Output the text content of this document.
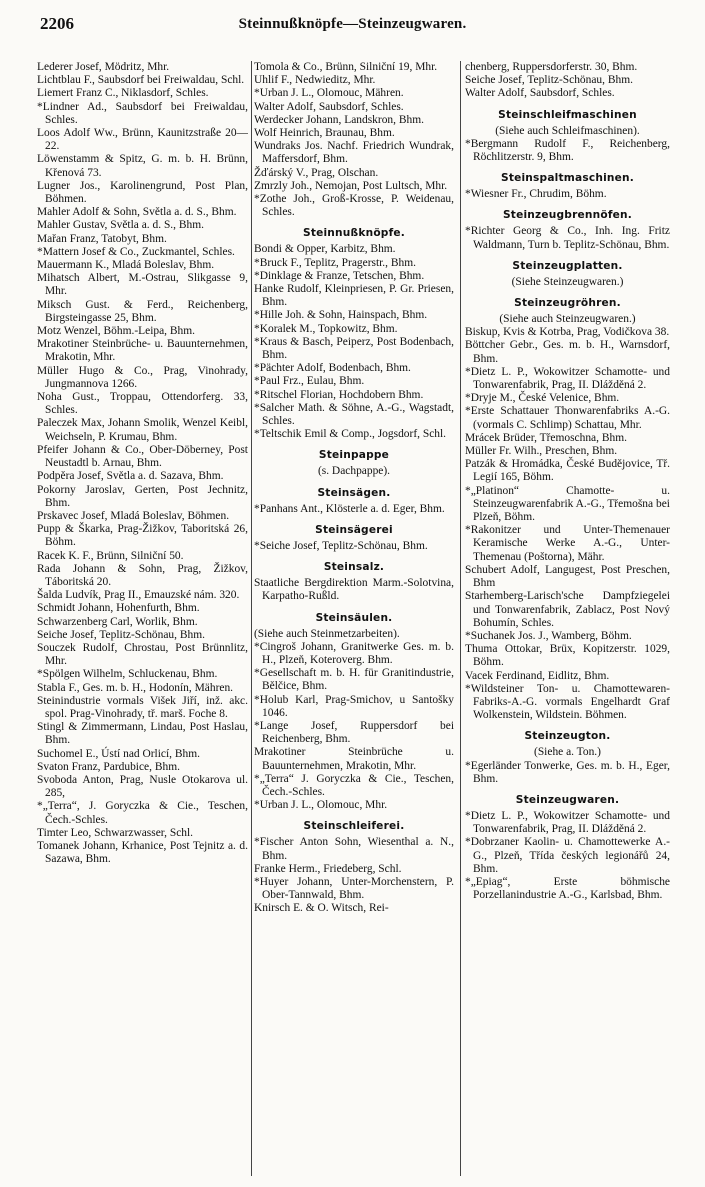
2206	Steinnußknöpfe—Steinzeugwaren.
Lederer Josef, Mödritz, Mhr.
Lichtblau F., Saubsdorf bei Freiwaldau, Schl.
Liemert Franz C., Niklasdorf, Schles.
*Lindner Ad., Saubsdorf bei Freiwaldau, Schles.
Loos Adolf Ww., Brünn, Kaunitzstraße 20—22.
Löwenstamm & Spitz, G. m. b. H. Brünn, Křenová 73.
Lugner Jos., Karolinengrund, Post Plan, Böhmen.
Mahler Adolf & Sohn, Světla a. d. S., Bhm.
Mahler Gustav, Světla a. d. S., Bhm.
Mařan Franz, Tatobyt, Bhm.
*Mattern Josef & Co., Zuckmantel, Schles.
Mauermann K., Mladá Boleslav, Bhm.
Mihatsch Albert, M.-Ostrau, Slikgasse 9, Mhr.
Miksch Gust. & Ferd., Reichenberg, Birgsteingasse 25, Bhm.
Motz Wenzel, Böhm.-Leipa, Bhm.
Mrakotiner Steinbrüche- u. Bauunternehmen, Mrakotin, Mhr.
Müller Hugo & Co., Prag, Vinohrady, Jungmannova 1266.
Noha Gust., Troppau, Ottendorferg. 33, Schles.
Paleczek Max, Johann Smolik, Wenzel Keibl, Weichseln, P. Krumau, Bhm.
Pfeifer Johann & Co., Ober-Döberney, Post Neustadtl b. Arnau, Bhm.
Podpěra Josef, Světla a. d. Sazava, Bhm.
Pokorny Jaroslav, Gerten, Post Jechnitz, Bhm.
Prskavec Josef, Mladá Boleslav, Böhmen.
Pupp & Škarka, Prag-Žižkov, Taboritská 26, Böhm.
Racek K. F., Brünn, Silniční 50.
Rada Johann & Sohn, Prag, Žižkov, Táboritská 20.
Šalda Ludvík, Prag II., Emauzské nám. 320.
Schmidt Johann, Hohenfurth, Bhm.
Schwarzenberg Carl, Worlik, Bhm.
Seiche Josef, Teplitz-Schönau, Bhm.
Souczek Rudolf, Chrostau, Post Brünnlitz, Mhr.
*Spölgen Wilhelm, Schluckenau, Bhm.
Stabla F., Ges. m. b. H., Hodonín, Mähren.
Steinindustrie vormals Višek Jiří, inž. akc. spol. Prag-Vinohrady, tř. marš. Foche 8.
Stingl & Zimmermann, Lindau, Post Haslau, Bhm.
Suchomel E., Ústí nad Orlicí, Bhm.
Svaton Franz, Pardubice, Bhm.
Svoboda Anton, Prag, Nusle Otokarova ul. 285,
*„Terra“, J. Goryczka & Cie., Teschen, Čech.-Schles.
Timter Leo, Schwarzwasser, Schl.
Tomanek Johann, Krhanice, Post Tejnitz a. d. Sazawa, Bhm.
Tomola & Co., Brünn, Silniční 19, Mhr.
Uhlif F., Nedwieditz, Mhr.
*Urban J. L., Olomouc, Mähren.
Walter Adolf, Saubsdorf, Schles.
Werdecker Johann, Landskron, Bhm.
Wolf Heinrich, Braunau, Bhm.
Wundraks Jos. Nachf. Friedrich Wundrak, Maffersdorf, Bhm.
Žďárský V., Prag, Olschan.
Zmrzly Joh., Nemojan, Post Lultsch, Mhr.
*Zothe Joh., Groß-Krosse, P. Weidenau, Schles.
Steinnußknöpfe.
Bondi & Opper, Karbitz, Bhm.
*Bruck F., Teplitz, Pragerstr., Bhm.
*Dinklage & Franze, Tetschen, Bhm.
Hanke Rudolf, Kleinpriesen, P. Gr. Priesen, Bhm.
*Hille Joh. & Sohn, Hainspach, Bhm.
*Koralek M., Topkowitz, Bhm.
*Kraus & Basch, Peiperz, Post Bodenbach, Bhm.
*Pächter Adolf, Bodenbach, Bhm.
*Paul Frz., Eulau, Bhm.
*Ritschel Florian, Hochdobern Bhm.
*Salcher Math. & Söhne, A.-G., Wagstadt, Schles.
*Teltschik Emil & Comp., Jogsdorf, Schl.
Steinpappe
(s. Dachpappe).
Steinsägen.
*Panhans Ant., Klösterle a. d. Eger, Bhm.
Steinsägerei
*Seiche Josef, Teplitz-Schönau, Bhm.
Steinsalz.
Staatliche Bergdirektion Marm.-Solotvina, Karpatho-Rußld.
Steinsäulen.
(Siehe auch Steinmetzarbeiten).
*Cingroš Johann, Granitwerke Ges. m. b. H., Plzeň, Koteroverg. Bhm.
*Gesellschaft m. b. H. für Granitindustrie, Bělčice, Bhm.
*Holub Karl, Prag-Smichov, u Santošky 1046.
*Lange Josef, Ruppersdorf bei Reichenberg, Bhm.
Mrakotiner Steinbrüche u. Bauunternehmen, Mrakotin, Mhr.
*„Terra“ J. Goryczka & Cie., Teschen, Čech.-Schles.
*Urban J. L., Olomouc, Mhr.
Steinschleiferei.
*Fischer Anton Sohn, Wiesenthal a. N., Bhm.
Franke Herm., Friedeberg, Schl.
*Huyer Johann, Unter-Morchenstern, P. Ober-Tannwald, Bhm.
Knirsch E. & O. Witsch, Rei-
chenberg, Ruppersdorferstr. 30, Bhm.
Seiche Josef, Teplitz-Schönau, Bhm.
Walter Adolf, Saubsdorf, Schles.
Steinschleifmaschinen
(Siehe auch Schleifmaschinen).
*Bergmann Rudolf F., Reichenberg, Röchlitzerstr. 9, Bhm.
Steinspaltmaschinen.
*Wiesner Fr., Chrudim, Böhm.
Steinzeugbrennöfen.
*Richter Georg & Co., Inh. Ing. Fritz Waldmann, Turn b. Teplitz-Schönau, Bhm.
Steinzeugplatten.
(Siehe Steinzeugwaren.)
Steinzeugröhren.
(Siehe auch Steinzeugwaren.)
Biskup, Kvis & Kotrba, Prag, Vodičkova 38.
Böttcher Gebr., Ges. m. b. H., Warnsdorf, Bhm.
*Dietz L. P., Wokowitzer Schamotte- und Tonwarenfabrik, Prag, II. Dlážděná 2.
*Dryje M., České Velenice, Bhm.
*Erste Schattauer Thonwarenfabriks A.-G. (vormals C. Schlimp) Schattau, Mhr.
Mrácek Brüder, Třemoschna, Bhm.
Müller Fr. Wilh., Preschen, Bhm.
Patzák & Hromádka, České Budějovice, Tř. Legií 165, Böhm.
*„Platinon“ Chamotte- u. Steinzeugwarenfabrik A.-G., Třemošna bei Plzeň, Böhm.
*Rakonitzer und Unter-Themenauer Keramische Werke A.-G., Unter-Themenau (Poštorna), Mähr.
Schubert Adolf, Langugest, Post Preschen, Bhm
Starhemberg-Larisch'sche Dampfziegelei und Tonwarenfabrik, Zablacz, Post Nový Bohumín, Schles.
*Suchanek Jos. J., Wamberg, Böhm.
Thuma Ottokar, Brüx, Kopitzerstr. 1029, Böhm.
Vacek Ferdinand, Eidlitz, Bhm.
*Wildsteiner Ton- u. Chamottewaren-Fabriks-A.-G. vormals Engelhardt Graf Wolkenstein, Wildstein. Böhmen.
Steinzeugton.
(Siehe a. Ton.)
*Egerländer Tonwerke, Ges. m. b. H., Eger, Bhm.
Steinzeugwaren.
*Dietz L. P., Wokowitzer Schamotte- und Tonwarenfabrik, Prag, II. Dlážděná 2.
*Dobrzaner Kaolin- u. Chamottewerke A.-G., Plzeň, Třída českých legionářů 24, Bhm.
*„Epiag“, Erste böhmische Porzellanindustrie A.-G., Karlsbad, Bhm.
